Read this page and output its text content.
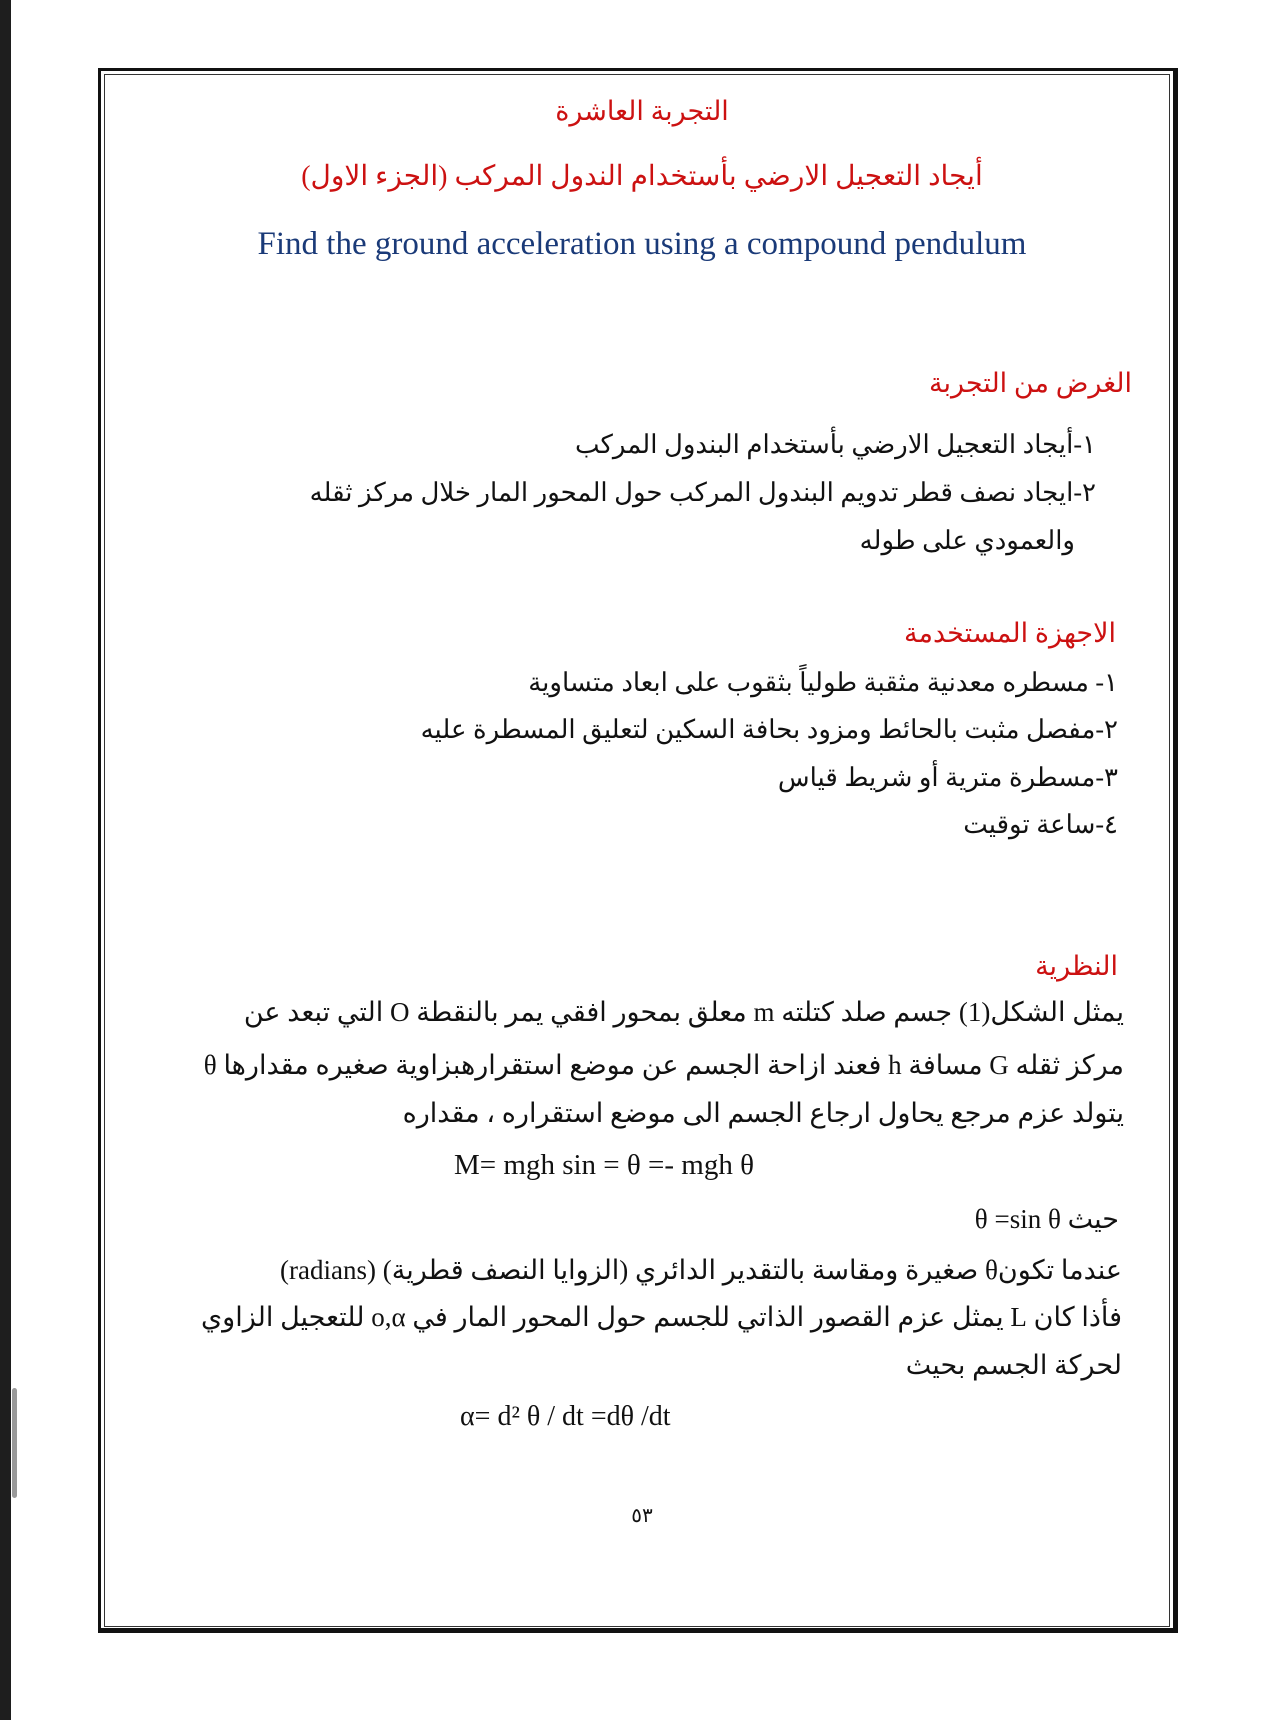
التجربة العاشرة
أيجاد التعجيل الارضي بأستخدام الندول المركب (الجزء الاول)
Find the ground acceleration using a compound pendulum
الغرض من التجربة
١-أيجاد التعجيل الارضي بأستخدام البندول المركب
٢-ايجاد نصف قطر تدويم البندول المركب حول المحور المار خلال مركز ثقله
والعمودي على طوله
الاجهزة المستخدمة
١- مسطره معدنية مثقبة طولياً بثقوب على ابعاد متساوية
٢-مفصل مثبت بالحائط ومزود بحافة السكين لتعليق المسطرة عليه
٣-مسطرة مترية أو شريط قياس
٤-ساعة توقيت
النظرية
يمثل الشكل(1) جسم صلد كتلته m معلق بمحور افقي يمر بالنقطة O التي تبعد عن
مركز ثقله G مسافة h فعند ازاحة الجسم عن موضع استقرارهبزاوية صغيره مقدارها θ
يتولد عزم مرجع يحاول ارجاع الجسم الى موضع استقراره ، مقداره
M= mgh sin = θ =- mgh θ
حيث θ =sin θ
عندما تكونθ صغيرة ومقاسة بالتقدير الدائري (الزوايا النصف قطرية) (radians)
فأذا كان L يمثل عزم القصور الذاتي للجسم حول المحور المار في o,α للتعجيل الزاوي
لحركة الجسم بحيث
α= d² θ / dt =dθ /dt
٥٣
